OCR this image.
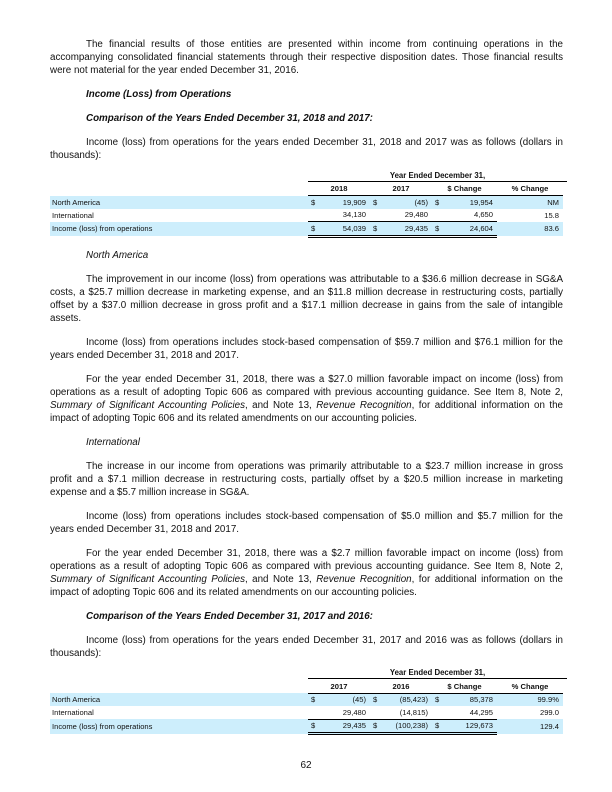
The financial results of those entities are presented within income from continuing operations in the accompanying consolidated financial statements through their respective disposition dates. Those financial results were not material for the year ended December 31, 2016.

Income (Loss) from Operations
Comparison of the Years Ended December 31, 2018 and 2017:

Income (loss) from operations for the years ended December 31, 2018 and 2017 was as follows (dollars in thousands):

	Year Ended December 31,						
	2018		2017		$ Change		% Change
North America	$	19,909	$	(45)	$	19,954	NM
International		34,130		29,480		4,650	15.8
Income (loss) from operations	$	54,039	$	29,435	$	24,604	83.6
North America

The improvement in our income (loss) from operations was attributable to a $36.6 million decrease in SG&A costs, a $25.7 million decrease in marketing expense, and an $11.8 million decrease in restructuring costs, partially offset by a $37.0 million decrease in gross profit and a $17.1 million decrease in gains from the sale of intangible assets.

Income (loss) from operations includes stock-based compensation of $59.7 million and $76.1 million for the years ended December 31, 2018 and 2017.

For the year ended December 31, 2018, there was a $27.0 million favorable impact on income (loss) from operations as a result of adopting Topic 606 as compared with previous accounting guidance. See Item 8, Note 2, Summary of Significant Accounting Policies, and Note 13, Revenue Recognition, for additional information on the impact of adopting Topic 606 and its related amendments on our accounting policies.

International

The increase in our income from operations was primarily attributable to a $23.7 million increase in gross profit and a $7.1 million decrease in restructuring costs, partially offset by a $20.5 million increase in marketing expense and a $5.7 million increase in SG&A.

Income (loss) from operations includes stock-based compensation of $5.0 million and $5.7 million for the years ended December 31, 2018 and 2017.

For the year ended December 31, 2018, there was a $2.7 million favorable impact on income (loss) from operations as a result of adopting Topic 606 as compared with previous accounting guidance. See Item 8, Note 2, Summary of Significant Accounting Policies, and Note 13, Revenue Recognition, for additional information on the impact of adopting Topic 606 and its related amendments on our accounting policies.

Comparison of the Years Ended December 31, 2017 and 2016:

Income (loss) from operations for the years ended December 31, 2017 and 2016 was as follows (dollars in thousands):

	Year Ended December 31,						
	2017		2016		$ Change		% Change
North America	$	(45)	$	(85,423)	$	85,378	99.9%
International		29,480		(14,815)		44,295	299.0
Income (loss) from operations	$	29,435	$	(100,238)	$	129,673	129.4
62
